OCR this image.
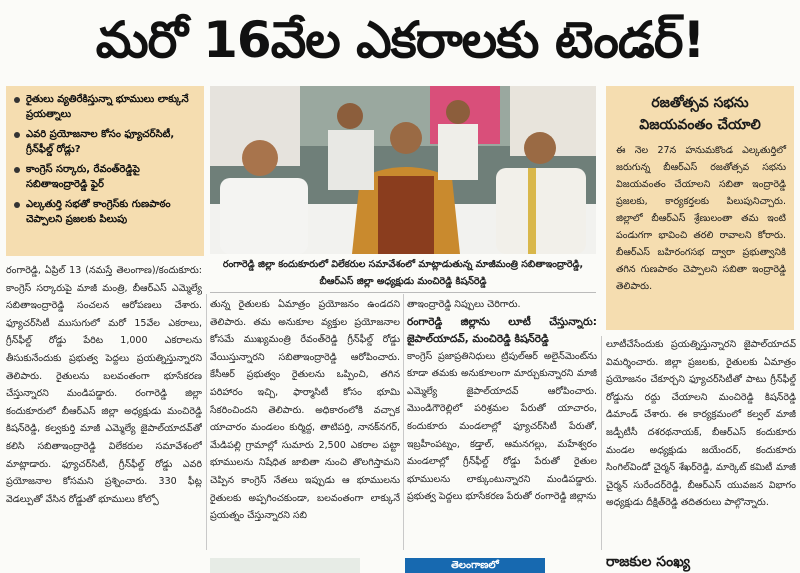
మరో 16వేల ఎకరాలకు టెండర్!
రైతులు వ్యతిరేకిస్తున్నా భూములు లాక్కునే ప్రయత్నాలు
ఎవరి ప్రయోజనాల కోసం ఫ్యూచర్‌సిటీ, గ్రీన్‌ఫీల్డ్ రోడ్లు?
కాంగ్రెస్ సర్కారు, రేవంత్‌రెడ్డిపై సబితాఇంద్రారెడ్డి ఫైర్
ఎల్కతుర్తి సభతో కాంగ్రెస్‌కు గుణపాఠం చెప్పాలని ప్రజలకు పిలుపు
రంగారెడ్డి జిల్లా కందుకూరులో విలేకరుల సమావేశంలో మాట్లాడుతున్న మాజీమంత్రి సబితాఇంద్రారెడ్డి, బీఆర్‌ఎస్ జిల్లా అధ్యక్షుడు మంచిరెడ్డి కిషన్‌రెడ్డి
రజతోత్సవ సభను
విజయవంతం చేయాలి
ఈ నెల 27న హనుమకొండ ఎల్కతుర్తిలో జరుగున్న బీఆర్‌ఎస్ రజతోత్సవ సభను విజయవంతం చేయాలని సబితా ఇంద్రారెడ్డి ప్రజలకు, కార్యకర్తలకు పిలుపునిచ్చారు. జిల్లాలో బీఆర్‌ఎస్ శ్రేణులంతా తమ ఇంటి పండుగగా భావించి తరలి రావాలని కోరారు. బీఆర్‌ఎస్ బహిరంగసభ ద్వారా ప్రభుత్వానికి తగిన గుణపాఠం చెప్పాలని సబితా ఇంద్రారెడ్డి తెలిపారు.
రంగారెడ్డి, ఏప్రిల్ 13 (నమస్తే తెలంగాణ)/కందుకూరు: కాంగ్రెస్ సర్కారుపై మాజీ మంత్రి, బీఆర్‌ఎస్ ఎమ్మెల్యే సబితాఇంద్రారెడ్డి సంచలన ఆరోపణలు చేశారు. ఫ్యూచర్‌సిటీ ముసుగులో మరో 15వేల ఎకరాలు, గ్రీన్‌ఫీల్డ్ రోడ్డు పేరిట 1,000 ఎకరాలను తీసుకునేందుకు ప్రభుత్వ పెద్దలు ప్రయత్నిస్తున్నారని తెలిపారు. రైతులను బలవంతంగా భూసేకరణ చేస్తున్నారని మండిపడ్డారు. రంగారెడ్డి జిల్లా కందుకూరులో బీఆర్‌ఎస్ జిల్లా అధ్యక్షుడు మంచిరెడ్డి కిషన్‌రెడ్డి, కల్వకుర్తి మాజీ ఎమ్మెల్యే జైపాల్‌యాదవ్‌తో కలిసి సబితాఇంద్రారెడ్డి విలేకరుల సమావేశంలో మాట్లాడారు. ఫ్యూచర్‌సిటీ, గ్రీన్‌ఫీల్డ్ రోడ్డు ఎవరి ప్రయోజనాల కోసమని ప్రశ్నించారు. 330 ఫీట్ల వెడల్పుతో వేసిన రోడ్డుతో భూములు కోల్పో
తున్న రైతులకు ఏమాత్రం ప్రయోజనం ఉండదని తెలిపారు. తమ అనుకూల వ్యక్తుల ప్రయోజనాల కోసమే ముఖ్యమంత్రి రేవంత్‌రెడ్డి గ్రీన్‌ఫీల్డ్ రోడ్డు వేయిస్తున్నారని సబితాఇంద్రారెడ్డి ఆరోపించారు. కేసీఆర్ ప్రభుత్వం రైతులను ఒప్పించి, తగిన పరిహారం ఇచ్చి, ఫార్మాసిటీ కోసం భూమి సేకరించిందని తెలిపారు. అధికారంలోకి వచ్చాక యాచారం మండలం కుర్మిద్ద, తాటిపర్తి, నానక్‌నగర్, మేడిపల్లి గ్రామాల్లో సుమారు 2,500 ఎకరాల పట్టా భూములను నిషేధిత జాబితా నుంచి తొలగిస్తామని చెప్పిన కాంగ్రెస్ నేతలు ఇప్పుడు ఆ భూములను రైతులకు అప్పగించకుండా, బలవంతంగా లాక్కునే ప్రయత్నం చేస్తున్నారని సబి

తాఇంద్రారెడ్డి నిప్పులు చెరిగారు.

రంగారెడ్డి జిల్లాను లూటీ చేస్తున్నారు: జైపాల్‌యాదవ్, మంచిరెడ్డి కిషన్‌రెడ్డి

కాంగ్రెస్ ప్రజాప్రతినిధులు ట్రిపుల్‌ఆర్ అలైన్‌మెంట్‌ను కూడా తమకు అనుకూలంగా మార్చుకున్నారని మాజీ ఎమ్మెల్యే జైపాల్‌యాదవ్ ఆరోపించారు. మొండిగౌరెల్లిలో పరిశ్రమల పేరుతో యాచారం, కందుకూరు మండలాల్లో ఫ్యూచర్‌సిటీ పేరుతో, ఇబ్రహీంపట్నం, కడ్తాల్, ఆమనగల్లు, మహేశ్వరం మండలాల్లో గ్రీన్‌ఫీల్డ్ రోడ్డు పేరుతో రైతుల భూములను లాక్కుంటున్నారని మండిపడ్డారు. ప్రభుత్వ పెద్దలు భూసేకరణ పేరుతో రంగారెడ్డి జిల్లాను

లూటీచేసేందుకు ప్రయత్నిస్తున్నారని జైపాల్‌యాదవ్ విమర్శించారు. జిల్లా ప్రజలకు, రైతులకు ఏమాత్రం ప్రయోజనం చేకూర్చని ఫ్యూచర్‌సిటీతో పాటు గ్రీన్‌ఫీల్డ్ రోడ్డును రద్దు చేయాలని మంచిరెడ్డి కిషన్‌రెడ్డి డిమాండ్ చేశారు. ఈ కార్యక్రమంలో కల్వల్ మాజీ జడ్పీటీసీ దశరథనాయక్, బీఆర్‌ఎస్ కందుకూరు మండల అధ్యక్షుడు జయేందర్, కందుకూరు సింగిల్‌విండో చైర్మన్ శేఖర్‌రెడ్డి, మార్కెట్ కమిటీ మాజీ చైర్మన్ సురేందర్‌రెడ్డి, బీఆర్‌ఎస్ యువజన విభాగం అధ్యక్షుడు దీక్షిత్‌రెడ్డి తదితరులు పాల్గొన్నారు.
తెలంగాణలో	రాజకుల సంఖ్య
